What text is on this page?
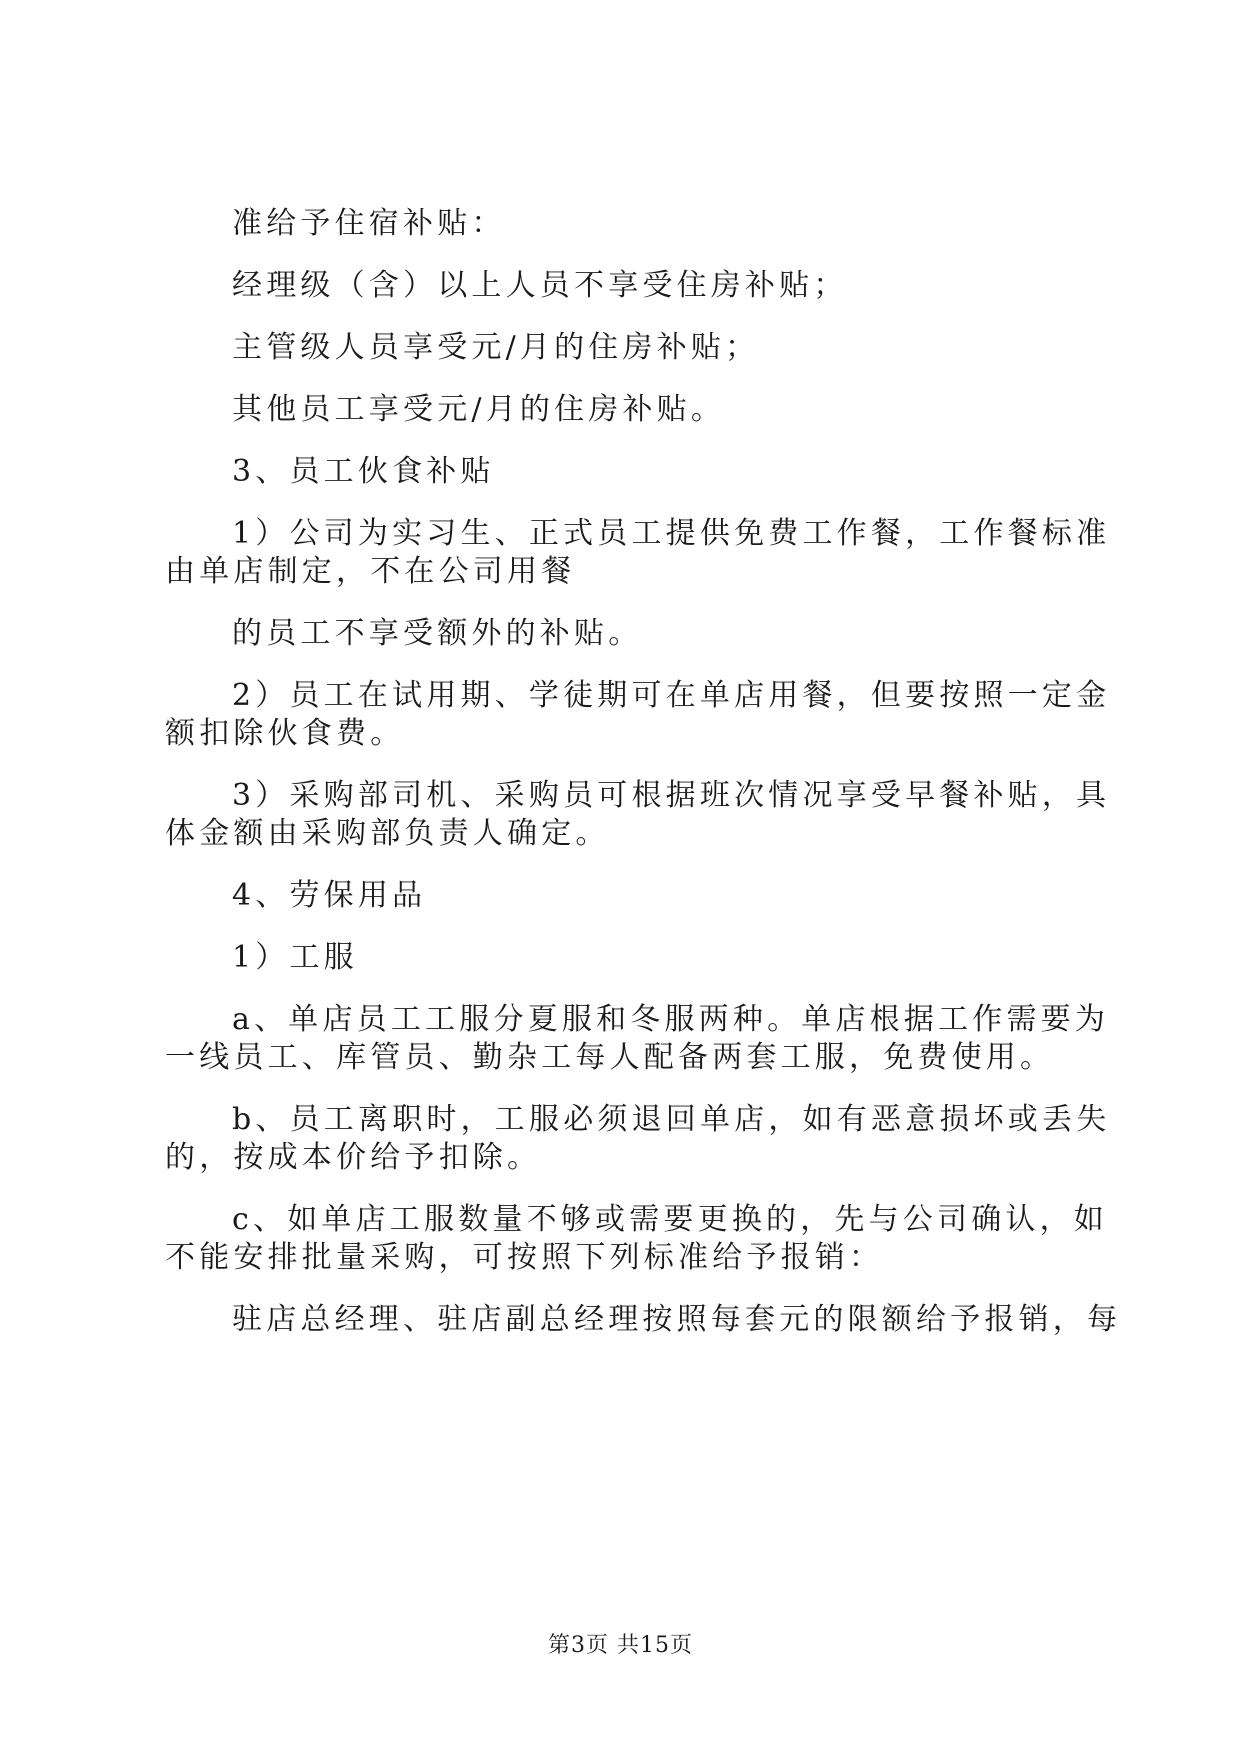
准给予住宿补贴：

经理级（含）以上人员不享受住房补贴；

主管级人员享受元/月的住房补贴；

其他员工享受元/月的住房补贴。

3、员工伙食补贴

1）公司为实习生、正式员工提供免费工作餐，工作餐标准

由单店制定，不在公司用餐

的员工不享受额外的补贴。

2）员工在试用期、学徒期可在单店用餐，但要按照一定金

额扣除伙食费。

3）采购部司机、采购员可根据班次情况享受早餐补贴，具

体金额由采购部负责人确定。

4、劳保用品

1）工服

a、单店员工工服分夏服和冬服两种。单店根据工作需要为

一线员工、库管员、勤杂工每人配备两套工服，免费使用。

b、员工离职时，工服必须退回单店，如有恶意损坏或丢失

的，按成本价给予扣除。

c、如单店工服数量不够或需要更换的，先与公司确认，如

不能安排批量采购，可按照下列标准给予报销：

驻店总经理、驻店副总经理按照每套元的限额给予报销，每

第3页 共15页
